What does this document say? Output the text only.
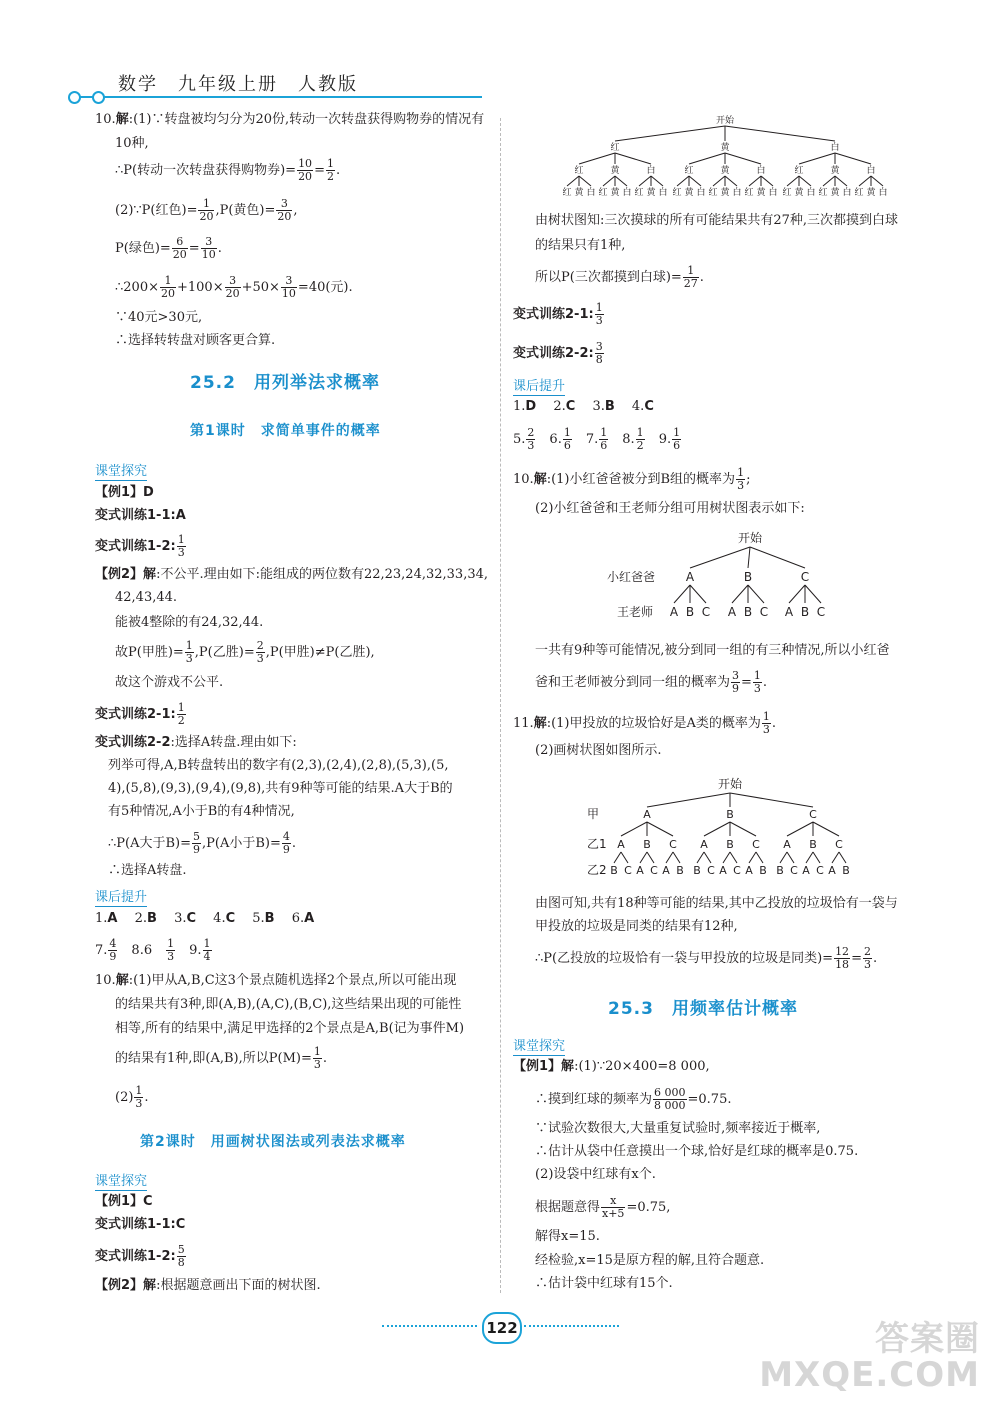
数学 九年级上册 人教版
10.解:(1)∵转盘被均匀分为20份,转动一次转盘获得购物券的情况有
10种,
∴P(转动一次转盘获得购物券)= $\frac{10}{20} = \frac{1}{2}$ .
(2)∵P(红色)= $\frac{1}{20} ,P$(黄色)= $\frac{3}{20}$ ,
P(绿色)= $\frac{6}{20} = \frac{3}{10}$ .
∴200× $\frac{1}{20} +100\times \frac{3}{20} +50\times \frac{3}{10} =40$(元).
∵40元>30元,
∴选择转转盘对顾客更合算.
25.2　用列举法求概率
第1课时　求简单事件的概率
课堂探究
【例1】D
变式训练1-1:A
变式训练1-2: $\frac{1}{3}$
【例2】解:不公平.理由如下:能组成的两位数有22,23,24,32,33,34,
42,43,44.
能被4整除的有24,32,44.
故P(甲胜)= $\frac{1}{3} ,P$(乙胜)= $\frac{2}{3} ,P$(甲胜)≠P(乙胜),
故这个游戏不公平.
变式训练2-1: $\frac{1}{2}$
变式训练2-2:选择A转盘.理由如下:
列举可得,A,B转盘转出的数字有(2,3),(2,4),(2,8),(5,3),(5,
4),(5,8),(9,3),(9,4),(9,8),共有9种等可能的结果.A大于B的
有5种情况,A小于B的有4种情况,
∴P(A大于$B)= \frac{5}{9} ,P(A$小于$B)= \frac{4}{9}$ .
∴选择A转盘.
课后提升
1.A　 2.B　 3.C　 4.C　 5.B　 6.A
7. $\frac{4}{9}$
　 8.6　 $\frac{1}{3}$
　 9. $\frac{1}{4}$
10.解:(1)甲从A,B,C这3个景点随机选择2个景点,所以可能出现
的结果共有3种,即(A,B),(A,C),(B,C),这些结果出现的可能性
相等,所有的结果中,满足甲选择的2个景点是A,B(记为事件M)
的结果有1种,即(A,B),所以$P(M)= \frac{1}{3}$ .
$(2) \frac{1}{3}$ .
第2课时　用画树状图法或列表法求概率
课堂探究
【例1】C
变式训练1-1:C
变式训练1-2: $\frac{5}{8}$
【例2】解:根据题意画出下面的树状图.
开始
红
红
红 黄 白
黄
红 黄 白
白
红 黄 白
黄
红
红 黄 白
黄
红 黄 白
白
红 黄 白
白
红
红 黄 白
黄
红 黄 白
白
红 黄 白
由树状图知:三次摸球的所有可能结果共有27种,三次都摸到白球
的结果只有1种,
所以P(三次都摸到白球)= $\frac{1}{27}$ .
变式训练2-1: $\frac{1}{3}$
变式训练2-2: $\frac{3}{8}$
课后提升
1.D　 2.C　 3.B　 4.C
5. $\frac{2}{3}$
　 6. $\frac{1}{6}$
　 7. $\frac{1}{6}$
　 8. $\frac{1}{2}$
　 9. $\frac{1}{6}$
10.解:(1)小红爸爸被分到B组的概率为 $\frac{1}{3}$ ;
(2)小红爸爸和王老师分组可用树状图表示如下:
开始
小红爸爸
王老师
A
A B C
B
A B C
C
A B C
一共有9种等可能情况,被分到同一组的有三种情况,所以小红爸
爸和王老师被分到同一组的概率为 $\frac{3}{9} = \frac{1}{3}$ .
11.解:(1)甲投放的垃圾恰好是A类的概率为 $\frac{1}{3}$ .
(2)画树状图如图所示.
开始
甲
乙1
乙2
A
A
B C
B
A C
C
A B
B
A
B C
B
A C
C
A B
C
A
B C
B
A C
C
A B
由图可知,共有18种等可能的结果,其中乙投放的垃圾恰有一袋与
甲投放的垃圾是同类的结果有12种,
∴P(乙投放的垃圾恰有一袋与甲投放的垃圾是同类)= $\frac{12}{18} = \frac{2}{3}$ .
25.3　用频率估计概率
课堂探究
【例1】解:(1)∵20×400=8 000,
∴摸到红球的频率为 $\frac{6 000}{8 000} =0.75$.
∵试验次数很大,大量重复试验时,频率接近于概率,
∴估计从袋中任意摸出一个球,恰好是红球的概率是0.75.
(2)设袋中红球有x个.
根据题意得 $\frac{x}{x+5} =0.75$,
解得x=15.
经检验,x=15是原方程的解,且符合题意.
∴估计袋中红球有15个.
122	答案圈
MXQE.COM
